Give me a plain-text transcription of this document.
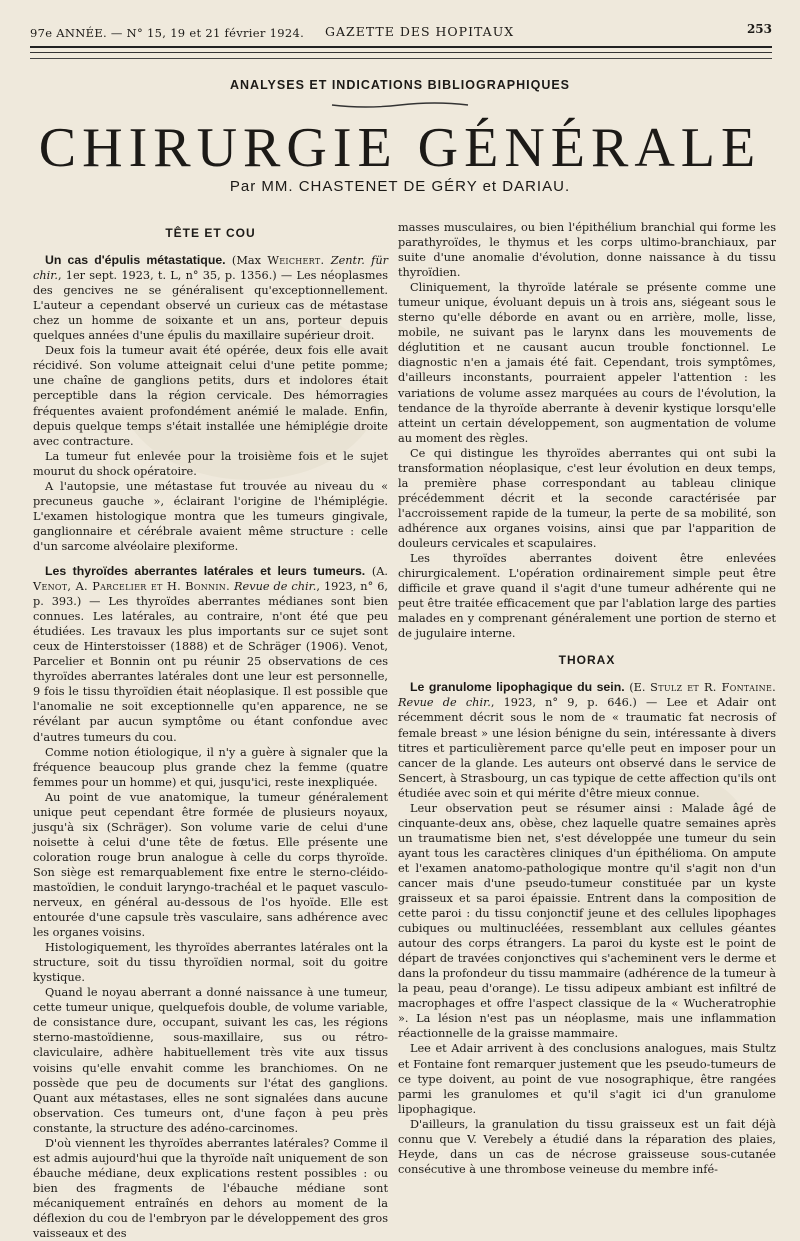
97e ANNÉE. — N° 15, 19 et 21 février 1924. GAZETTE DES HOPITAUX	253
ANALYSES ET INDICATIONS BIBLIOGRAPHIQUES
CHIRURGIE GÉNÉRALE
Par MM. CHASTENET DE GÉRY et DARIAU.
TÊTE ET COU

Un cas d'épulis métastatique. (Max Weichert. Zentr. für chir., 1er sept. 1923, t. L, n° 35, p. 1356.) — Les néoplasmes des gencives ne se généralisent qu'exceptionnellement. L'auteur a cependant observé un curieux cas de métastase chez un homme de soixante et un ans, porteur depuis quelques années d'une épulis du maxillaire supérieur droit.

Deux fois la tumeur avait été opérée, deux fois elle avait récidivé. Son volume atteignait celui d'une petite pomme; une chaîne de ganglions petits, durs et indolores était perceptible dans la région cervicale. Des hémorragies fréquentes avaient profondément anémié le malade. Enfin, depuis quelque temps s'était installée une hémiplégie droite avec contracture.

La tumeur fut enlevée pour la troisième fois et le sujet mourut du shock opératoire.

A l'autopsie, une métastase fut trouvée au niveau du « precuneus gauche », éclairant l'origine de l'hémiplégie. L'examen histologique montra que les tumeurs gingivale, ganglionnaire et cérébrale avaient même structure : celle d'un sarcome alvéolaire plexiforme.

Les thyroïdes aberrantes latérales et leurs tumeurs. (A. Venot, A. Parcelier et H. Bonnin. Revue de chir., 1923, n° 6, p. 393.) — Les thyroïdes aberrantes médianes sont bien connues. Les latérales, au contraire, n'ont été que peu étudiées. Les travaux les plus importants sur ce sujet sont ceux de Hinterstoisser (1888) et de Schräger (1906). Venot, Parcelier et Bonnin ont pu réunir 25 observations de ces thyroïdes aberrantes latérales dont une leur est personnelle, 9 fois le tissu thyroïdien était néoplasique. Il est possible que l'anomalie ne soit exceptionnelle qu'en apparence, ne se révélant par aucun symptôme ou étant confondue avec d'autres tumeurs du cou.

Comme notion étiologique, il n'y a guère à signaler que la fréquence beaucoup plus grande chez la femme (quatre femmes pour un homme) et qui, jusqu'ici, reste inexpliquée.

Au point de vue anatomique, la tumeur généralement unique peut cependant être formée de plusieurs noyaux, jusqu'à six (Schräger). Son volume varie de celui d'une noisette à celui d'une tête de fœtus. Elle présente une coloration rouge brun analogue à celle du corps thyroïde. Son siège est remarquablement fixe entre le sterno-cléido-mastoïdien, le conduit laryngo-trachéal et le paquet vasculo-nerveux, en général au-dessous de l'os hyoïde. Elle est entourée d'une capsule très vasculaire, sans adhérence avec les organes voisins.

Histologiquement, les thyroïdes aberrantes latérales ont la structure, soit du tissu thyroïdien normal, soit du goitre kystique.

Quand le noyau aberrant a donné naissance à une tumeur, cette tumeur unique, quelquefois double, de volume variable, de consistance dure, occupant, suivant les cas, les régions sterno-mastoïdienne, sous-maxillaire, sus ou rétro-claviculaire, adhère habituellement très vite aux tissus voisins qu'elle envahit comme les branchiomes. On ne possède que peu de documents sur l'état des ganglions. Quant aux métastases, elles ne sont signalées dans aucune observation. Ces tumeurs ont, d'une façon à peu près constante, la structure des adéno-carcinomes.

D'où viennent les thyroïdes aberrantes latérales? Comme il est admis aujourd'hui que la thyroïde naît uniquement de son ébauche médiane, deux explications restent possibles : ou bien des fragments de l'ébauche médiane sont mécaniquement entraînés en dehors au moment de la déflexion du cou de l'embryon par le développement des gros vaisseaux et des

masses musculaires, ou bien l'épithélium branchial qui forme les parathyroïdes, le thymus et les corps ultimo-branchiaux, par suite d'une anomalie d'évolution, donne naissance à du tissu thyroïdien.

Cliniquement, la thyroïde latérale se présente comme une tumeur unique, évoluant depuis un à trois ans, siégeant sous le sterno qu'elle déborde en avant ou en arrière, molle, lisse, mobile, ne suivant pas le larynx dans les mouvements de déglutition et ne causant aucun trouble fonctionnel. Le diagnostic n'en a jamais été fait. Cependant, trois symptômes, d'ailleurs inconstants, pourraient appeler l'attention : les variations de volume assez marquées au cours de l'évolution, la tendance de la thyroïde aberrante à devenir kystique lorsqu'elle atteint un certain développement, son augmentation de volume au moment des règles.

Ce qui distingue les thyroïdes aberrantes qui ont subi la transformation néoplasique, c'est leur évolution en deux temps, la première phase correspondant au tableau clinique précédemment décrit et la seconde caractérisée par l'accroissement rapide de la tumeur, la perte de sa mobilité, son adhérence aux organes voisins, ainsi que par l'apparition de douleurs cervicales et scapulaires.

Les thyroïdes aberrantes doivent être enlevées chirurgicalement. L'opération ordinairement simple peut être difficile et grave quand il s'agit d'une tumeur adhérente qui ne peut être traitée efficacement que par l'ablation large des parties malades en y comprenant généralement une portion de sterno et de jugulaire interne.

THORAX

Le granulome lipophagique du sein. (E. Stulz et R. Fontaine. Revue de chir., 1923, n° 9, p. 646.) — Lee et Adair ont récemment décrit sous le nom de « traumatic fat necrosis of female breast » une lésion bénigne du sein, intéressante à divers titres et particulièrement parce qu'elle peut en imposer pour un cancer de la glande. Les auteurs ont observé dans le service de Sencert, à Strasbourg, un cas typique de cette affection qu'ils ont étudiée avec soin et qui mérite d'être mieux connue.

Leur observation peut se résumer ainsi : Malade âgé de cinquante-deux ans, obèse, chez laquelle quatre semaines après un traumatisme bien net, s'est développée une tumeur du sein ayant tous les caractères cliniques d'un épithélioma. On ampute et l'examen anatomo-pathologique montre qu'il s'agit non d'un cancer mais d'une pseudo-tumeur constituée par un kyste graisseux et sa paroi épaissie. Entrent dans la composition de cette paroi : du tissu conjonctif jeune et des cellules lipophages cubiques ou multinucléées, ressemblant aux cellules géantes autour des corps étrangers. La paroi du kyste est le point de départ de travées conjonctives qui s'acheminent vers le derme et dans la profondeur du tissu mammaire (adhérence de la tumeur à la peau, peau d'orange). Le tissu adipeux ambiant est infiltré de macrophages et offre l'aspect classique de la « Wucheratrophie ». La lésion n'est pas un néoplasme, mais une inflammation réactionnelle de la graisse mammaire.

Lee et Adair arrivent à des conclusions analogues, mais Stultz et Fontaine font remarquer justement que les pseudo-tumeurs de ce type doivent, au point de vue nosographique, être rangées parmi les granulomes et qu'il s'agit ici d'un granulome lipophagique.

D'ailleurs, la granulation du tissu graisseux est un fait déjà connu que V. Verebely a étudié dans la réparation des plaies, Heyde, dans un cas de nécrose graisseuse sous-cutanée consécutive à une thrombose veineuse du membre infé-
